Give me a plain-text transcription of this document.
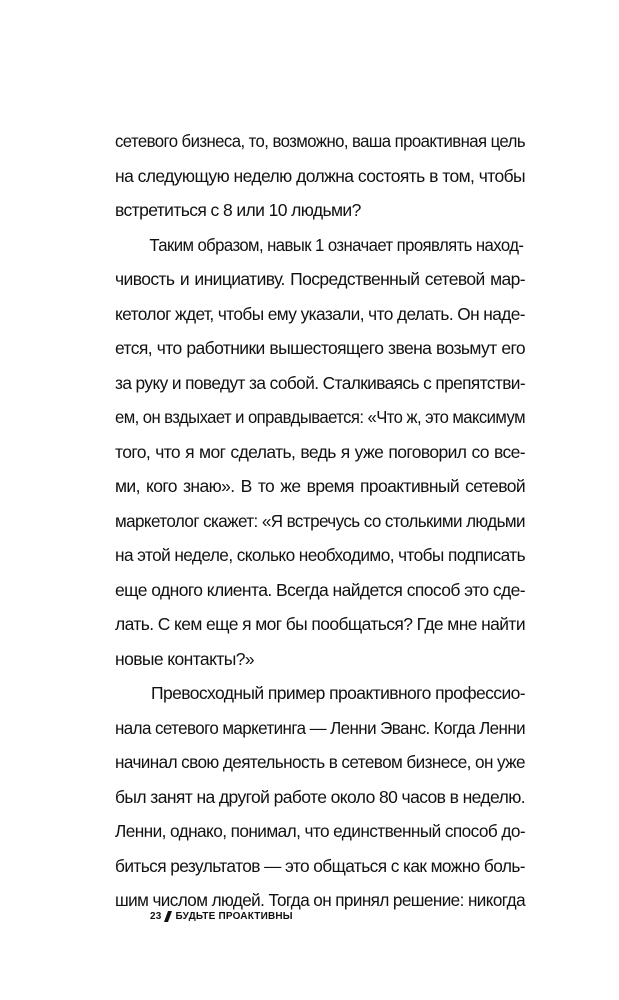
сетевого бизнеса, то, возможно, ваша проактивная цель
на следующую неделю должна состоять в том, чтобы
встретиться с 8 или 10 людьми?
Таким образом, навык 1 означает проявлять наход-
чивость и инициативу. Посредственный сетевой мар-
кетолог ждет, чтобы ему указали, что делать. Он наде-
ется, что работники вышестоящего звена возьмут его
за руку и поведут за собой. Сталкиваясь с препятстви-
ем, он вздыхает и оправдывается: «Что ж, это максимум
того, что я мог сделать, ведь я уже поговорил со все-
ми, кого знаю». В то же время проактивный сетевой
маркетолог скажет: «Я встречусь со столькими людьми
на этой неделе, сколько необходимо, чтобы подписать
еще одного клиента. Всегда найдется способ это сде-
лать. С кем еще я мог бы пообщаться? Где мне найти
новые контакты?»
Превосходный пример проактивного профессио-
нала сетевого маркетинга — Ленни Эванс. Когда Ленни
начинал свою деятельность в сетевом бизнесе, он уже
был занят на другой работе около 80 часов в неделю.
Ленни, однако, понимал, что единственный способ до-
биться результатов — это общаться с как можно боль-
шим числом людей. Тогда он принял решение: никогда
23 БУДЬТЕ ПРОАКТИВНЫ
